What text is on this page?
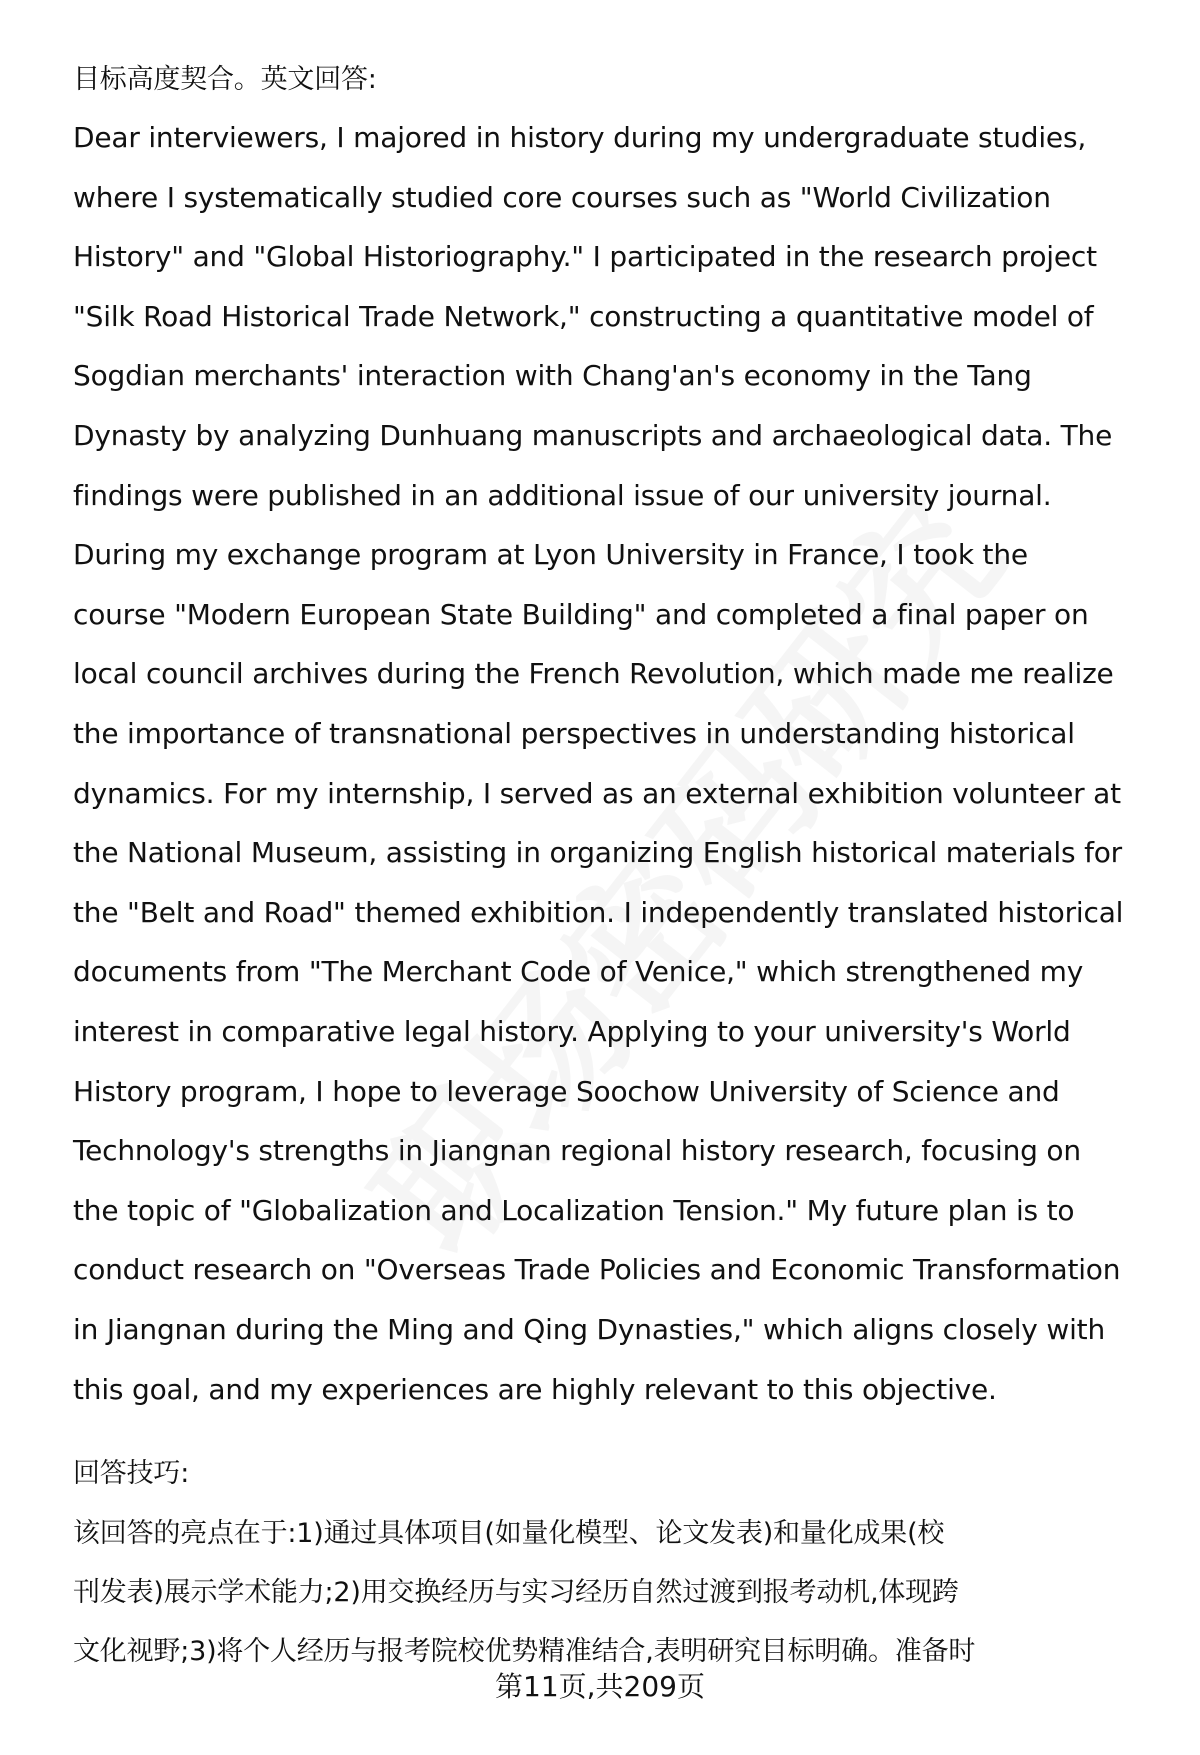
目标高度契合。英文回答:
Dear interviewers, I majored in history during my undergraduate studies,
where I systematically studied core courses such as "World Civilization
History" and "Global Historiography." I participated in the research project
"Silk Road Historical Trade Network," constructing a quantitative model of
Sogdian merchants' interaction with Chang'an's economy in the Tang
Dynasty by analyzing Dunhuang manuscripts and archaeological data. The
findings were published in an additional issue of our university journal.
During my exchange program at Lyon University in France, I took the
course "Modern European State Building" and completed a final paper on
local council archives during the French Revolution, which made me realize
the importance of transnational perspectives in understanding historical
dynamics. For my internship, I served as an external exhibition volunteer at
the National Museum, assisting in organizing English historical materials for
the "Belt and Road" themed exhibition. I independently translated historical
documents from "The Merchant Code of Venice," which strengthened my
interest in comparative legal history. Applying to your university's World
History program, I hope to leverage Soochow University of Science and
Technology's strengths in Jiangnan regional history research, focusing on
the topic of "Globalization and Localization Tension." My future plan is to
conduct research on "Overseas Trade Policies and Economic Transformation
in Jiangnan during the Ming and Qing Dynasties," which aligns closely with
this goal, and my experiences are highly relevant to this objective.
回答技巧:
该回答的亮点在于:1)通过具体项目(如量化模型、论文发表)和量化成果(校
刊发表)展示学术能力;2)用交换经历与实习经历自然过渡到报考动机,体现跨
文化视野;3)将个人经历与报考院校优势精准结合,表明研究目标明确。准备时
第11页,共209页
